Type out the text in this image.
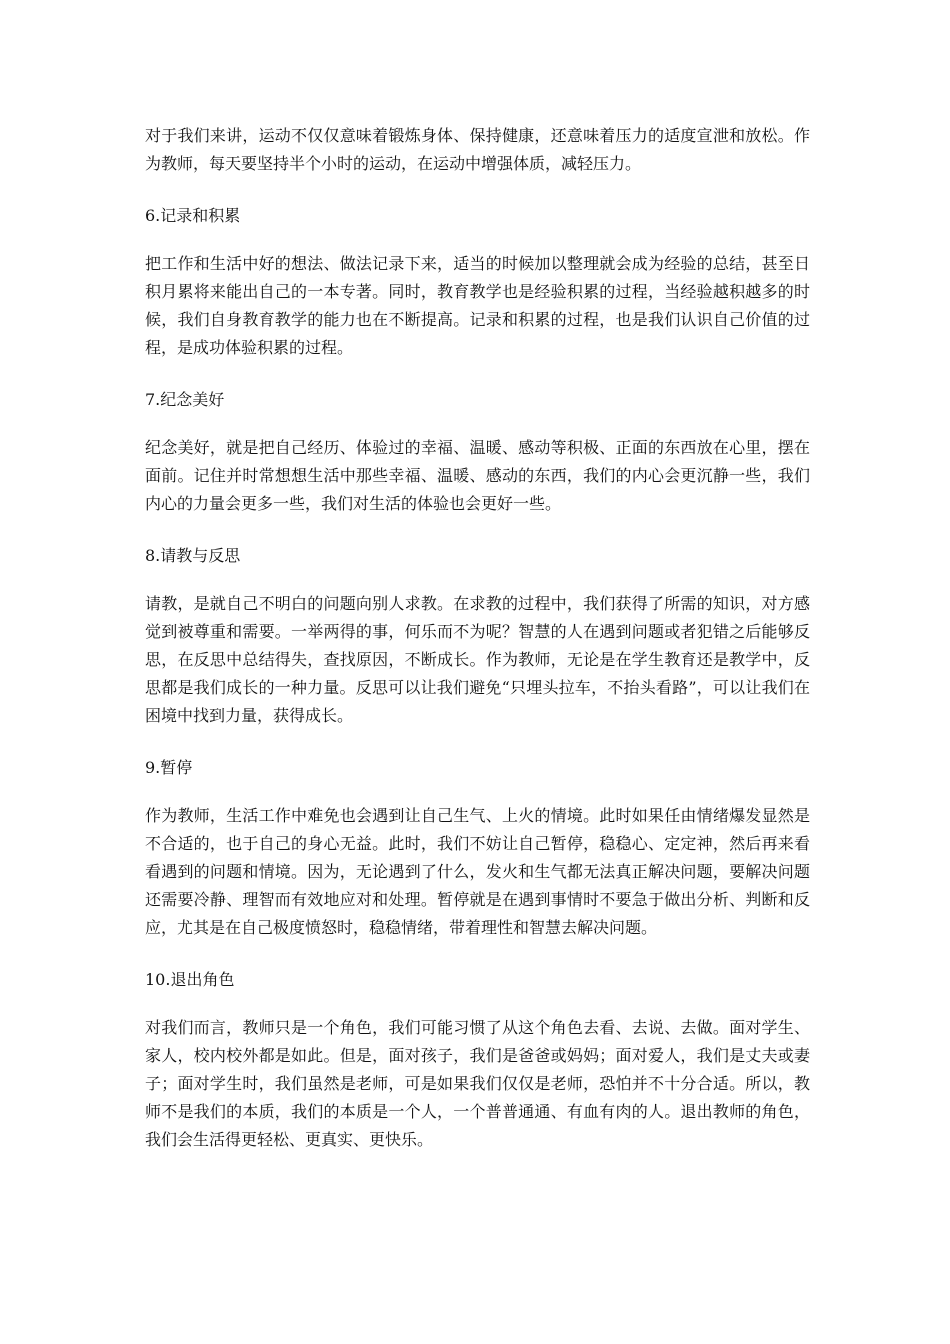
对于我们来讲，运动不仅仅意味着锻炼身体、保持健康，还意味着压力的适度宣泄和放松。作为教师，每天要坚持半个小时的运动，在运动中增强体质，减轻压力。

6.记录和积累

把工作和生活中好的想法、做法记录下来，适当的时候加以整理就会成为经验的总结，甚至日积月累将来能出自己的一本专著。同时，教育教学也是经验积累的过程，当经验越积越多的时候，我们自身教育教学的能力也在不断提高。记录和积累的过程，也是我们认识自己价值的过程，是成功体验积累的过程。

7.纪念美好

纪念美好，就是把自己经历、体验过的幸福、温暖、感动等积极、正面的东西放在心里，摆在面前。记住并时常想想生活中那些幸福、温暖、感动的东西，我们的内心会更沉静一些，我们内心的力量会更多一些，我们对生活的体验也会更好一些。

8.请教与反思

请教，是就自己不明白的问题向别人求教。在求教的过程中，我们获得了所需的知识，对方感觉到被尊重和需要。一举两得的事，何乐而不为呢？智慧的人在遇到问题或者犯错之后能够反思，在反思中总结得失，查找原因，不断成长。作为教师，无论是在学生教育还是教学中，反思都是我们成长的一种力量。反思可以让我们避免“只埋头拉车，不抬头看路”，可以让我们在困境中找到力量，获得成长。

9.暂停

作为教师，生活工作中难免也会遇到让自己生气、上火的情境。此时如果任由情绪爆发显然是不合适的，也于自己的身心无益。此时，我们不妨让自己暂停，稳稳心、定定神，然后再来看看遇到的问题和情境。因为，无论遇到了什么，发火和生气都无法真正解决问题，要解决问题还需要冷静、理智而有效地应对和处理。暂停就是在遇到事情时不要急于做出分析、判断和反应，尤其是在自己极度愤怒时，稳稳情绪，带着理性和智慧去解决问题。

10.退出角色

对我们而言，教师只是一个角色，我们可能习惯了从这个角色去看、去说、去做。面对学生、家人，校内校外都是如此。但是，面对孩子，我们是爸爸或妈妈；面对爱人，我们是丈夫或妻子；面对学生时，我们虽然是老师，可是如果我们仅仅是老师，恐怕并不十分合适。所以，教师不是我们的本质，我们的本质是一个人，一个普普通通、有血有肉的人。退出教师的角色，我们会生活得更轻松、更真实、更快乐。
